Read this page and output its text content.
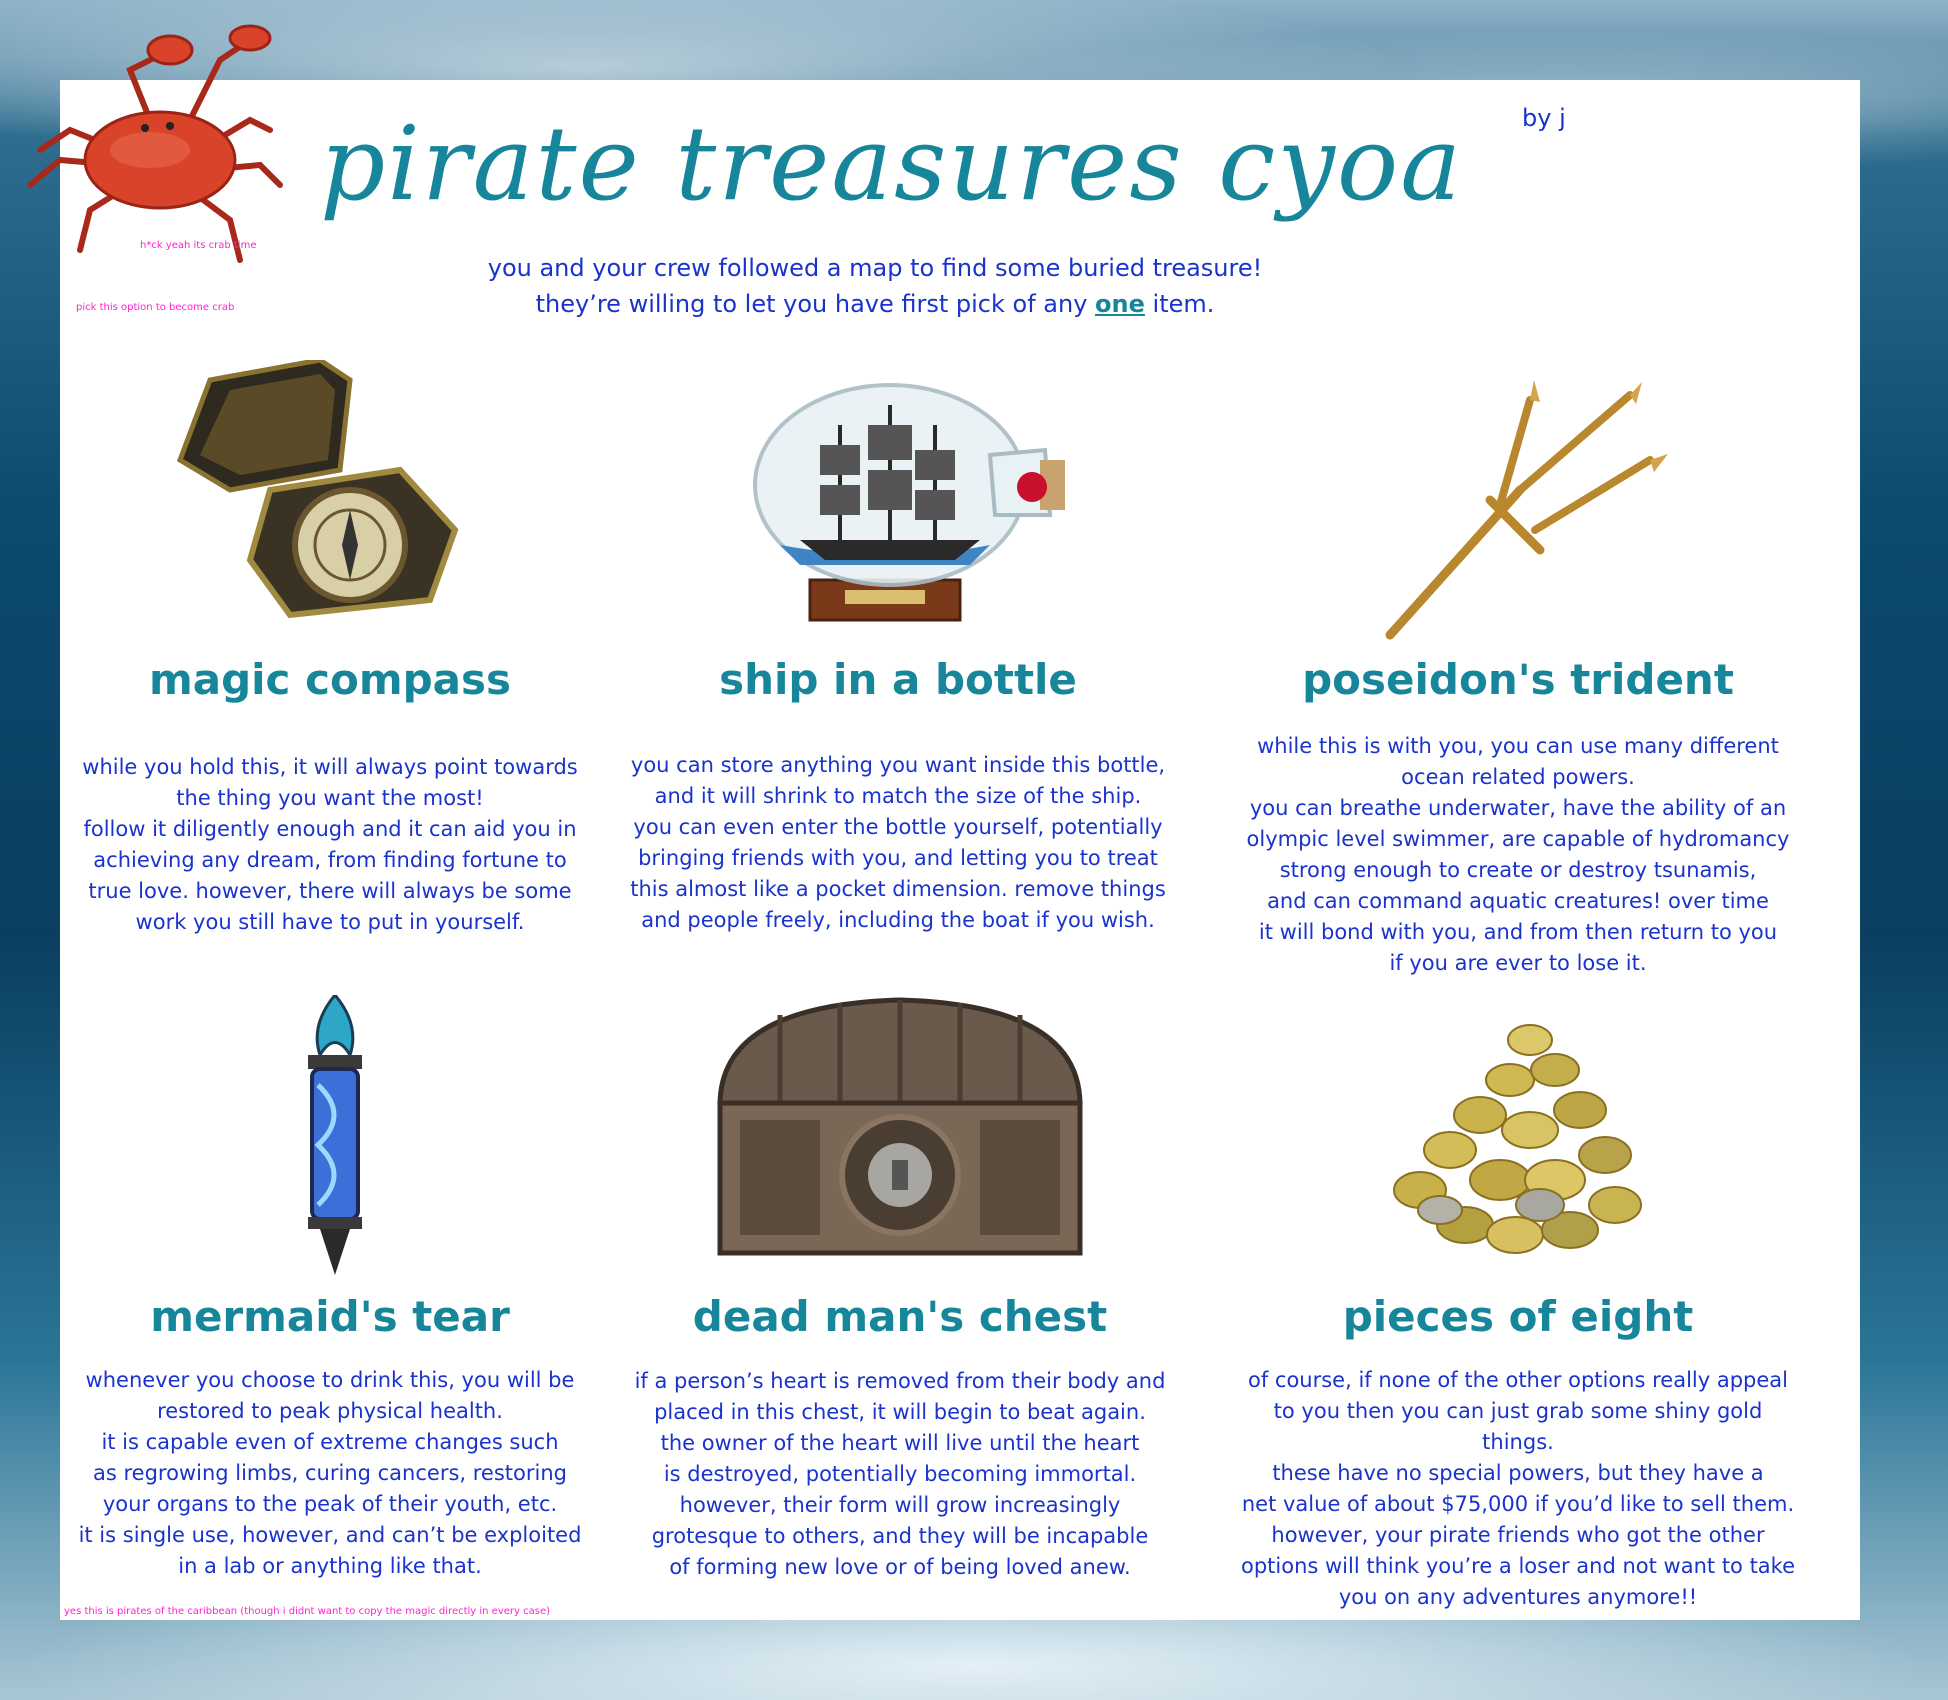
h*ck yeah its crab time
pick this option to become crab
pirate treasures cyoa	by j
you and your crew followed a map to find some buried treasure!
they’re willing to let you have first pick of any one item.
magic compass
while you hold this, it will always point towards
the thing you want the most!
follow it diligently enough and it can aid you in
achieving any dream, from finding fortune to
true love. however, there will always be some
work you still have to put in yourself.
ship in a bottle
you can store anything you want inside this bottle,
and it will shrink to match the size of the ship.
you can even enter the bottle yourself, potentially
bringing friends with you, and letting you to treat
this almost like a pocket dimension. remove things
and people freely, including the boat if you wish.
poseidon's trident
while this is with you, you can use many different
ocean related powers.
you can breathe underwater, have the ability of an
olympic level swimmer, are capable of hydromancy
strong enough to create or destroy tsunamis,
and can command aquatic creatures! over time
it will bond with you, and from then return to you
if you are ever to lose it.
mermaid's tear
whenever you choose to drink this, you will be
restored to peak physical health.
it is capable even of extreme changes such
as regrowing limbs, curing cancers, restoring
your organs to the peak of their youth, etc.
it is single use, however, and can’t be exploited
in a lab or anything like that.
dead man's chest
if a person’s heart is removed from their body and
placed in this chest, it will begin to beat again.
the owner of the heart will live until the heart
is destroyed, potentially becoming immortal.
however, their form will grow increasingly
grotesque to others, and they will be incapable
of forming new love or of being loved anew.
pieces of eight
of course, if none of the other options really appeal
to you then you can just grab some shiny gold things.
these have no special powers, but they have a
net value of about $75,000 if you’d like to sell them.
however, your pirate friends who got the other
options will think you’re a loser and not want to take
you on any adventures anymore!!
yes this is pirates of the caribbean (though i didnt want to copy the magic directly in every case)
